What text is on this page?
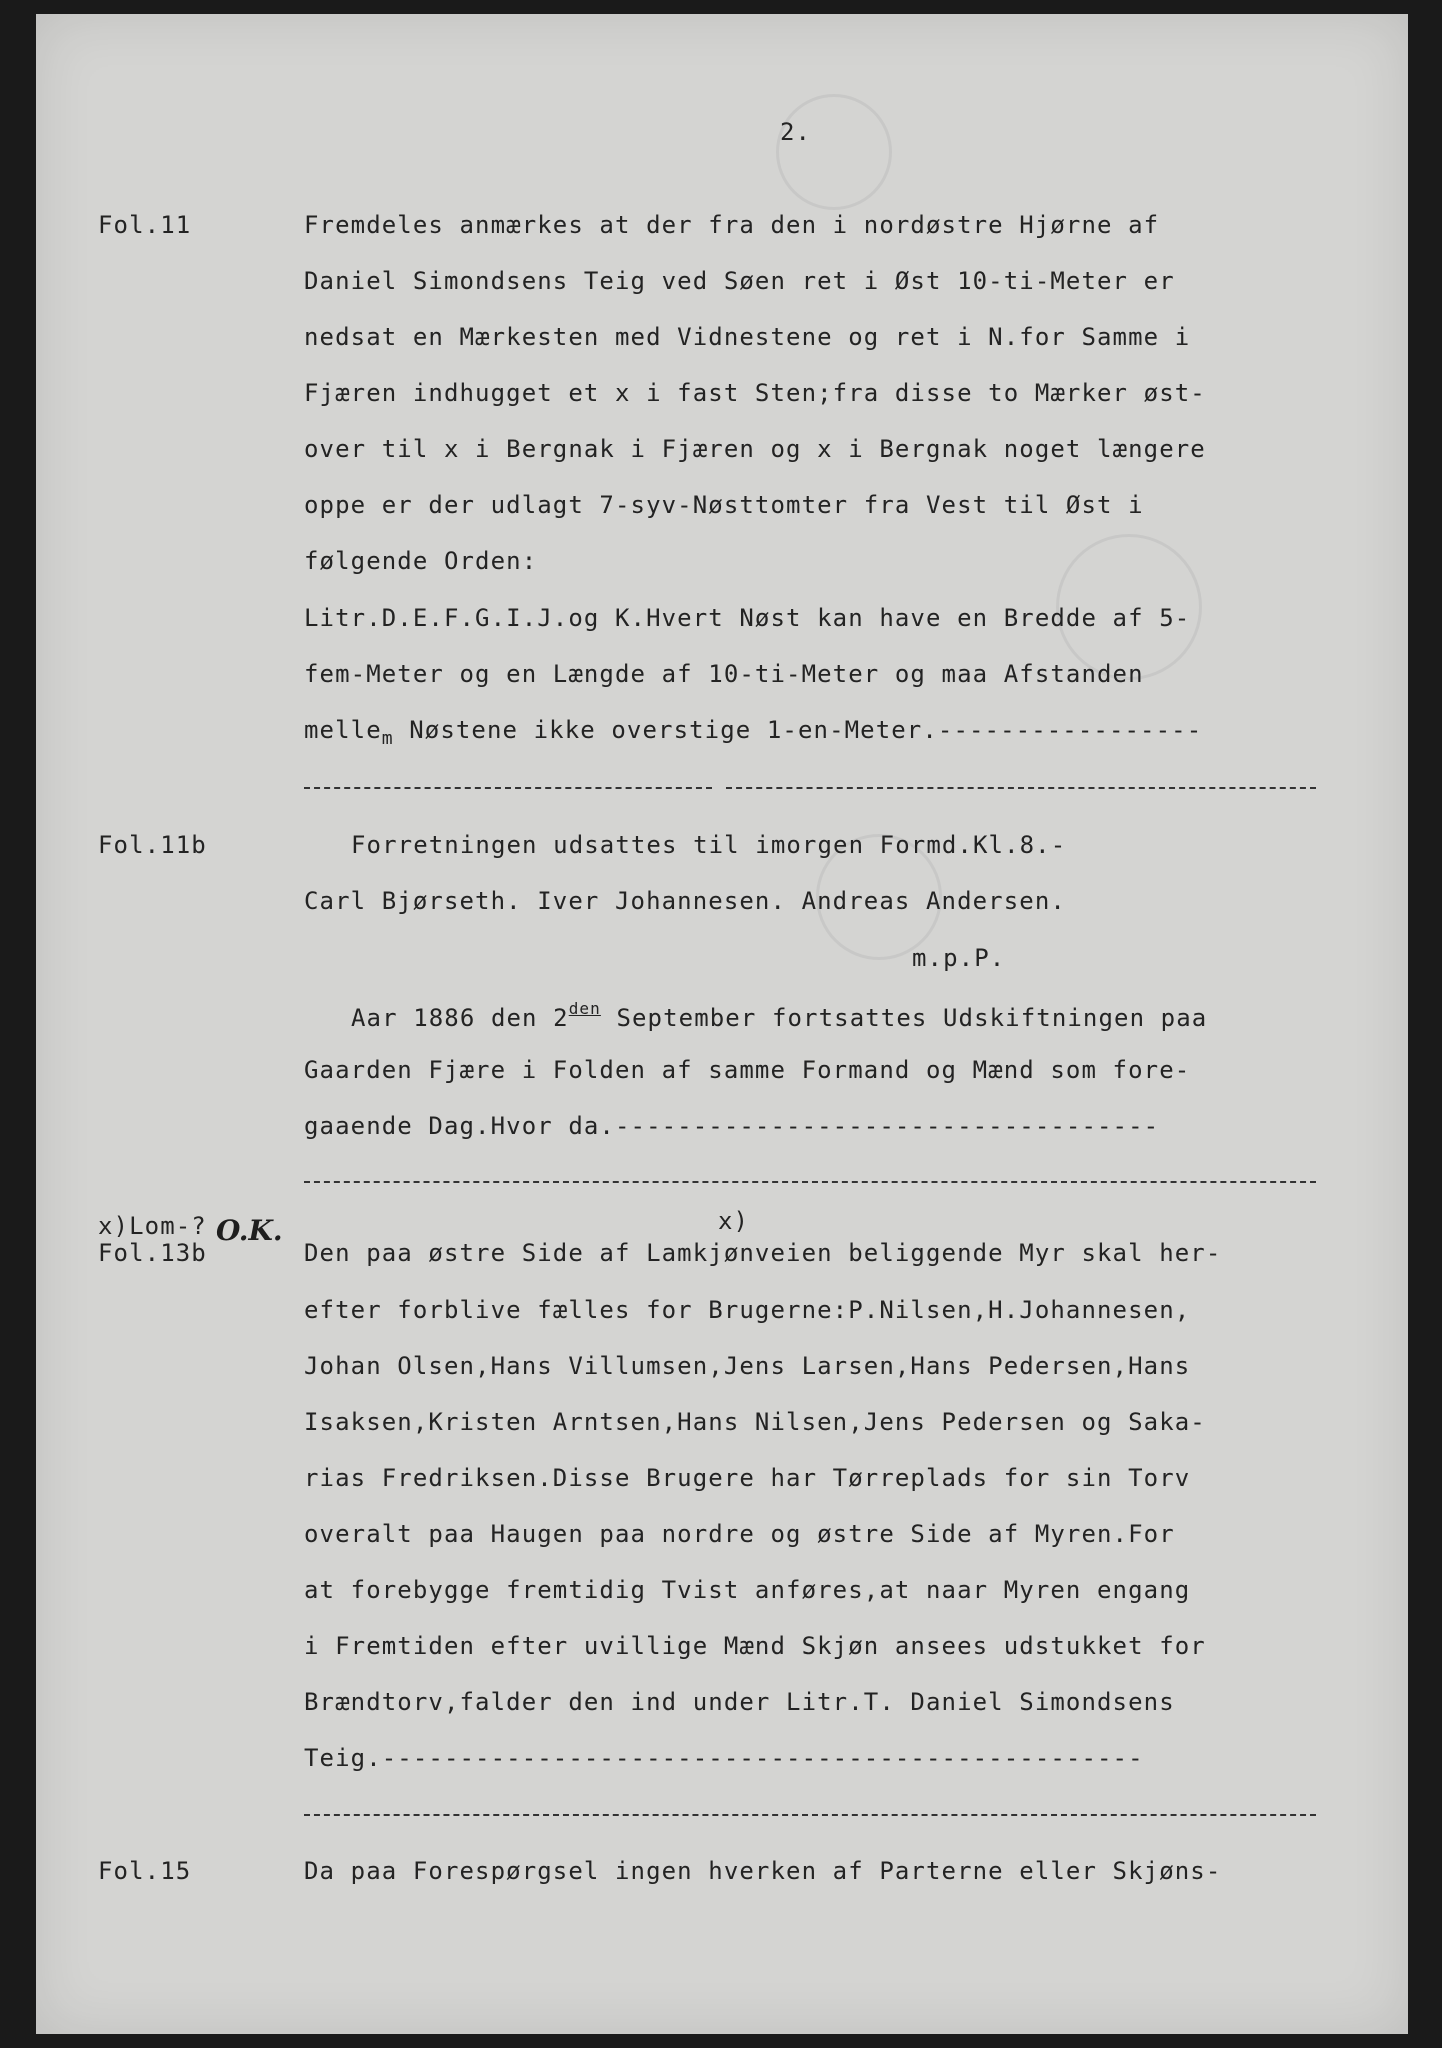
2.
Fol.11	Fremdeles anmærkes at der fra den i nordøstre Hjørne af
Daniel Simondsens Teig ved Søen ret i Øst 10-ti-Meter er
nedsat en Mærkesten med Vidnestene og ret i N.for Samme i
Fjæren indhugget et x i fast Sten;fra disse to Mærker øst-
over til x i Bergnak i Fjæren og x i Bergnak noget længere
oppe er der udlagt 7-syv-Nøsttomter fra Vest til Øst i
følgende Orden:
Litr.D.E.F.G.I.J.og K.Hvert Nøst kan have en Bredde af 5-
fem-Meter og en Længde af 10-ti-Meter og maa Afstanden
melle$_m$ Nøstene ikke overstige 1-en-Meter.-----------------
Fol.11b	Forretningen udsattes til imorgen Formd.Kl.8.-
Carl Bjørseth. Iver Johannesen. Andreas Andersen.
m.p.P.
Aar 1886 den $2^{den}$ September fortsattes Udskiftningen paa
Gaarden Fjære i Folden af samme Formand og Mænd som fore-
gaaende Dag.Hvor da.-----------------------------------
x)Lom-?
Fol.13b
O.K.	x)
Den paa østre Side af Lamkjønveien beliggende Myr skal her-
efter forblive fælles for Brugerne:P.Nilsen,H.Johannesen,
Johan Olsen,Hans Villumsen,Jens Larsen,Hans Pedersen,Hans
Isaksen,Kristen Arntsen,Hans Nilsen,Jens Pedersen og Saka-
rias Fredriksen.Disse Brugere har Tørreplads for sin Torv
overalt paa Haugen paa nordre og østre Side af Myren.For
at forebygge fremtidig Tvist anføres,at naar Myren engang
i Fremtiden efter uvillige Mænd Skjøn ansees udstukket for
Brændtorv,falder den ind under Litr.T. Daniel Simondsens
Teig.-------------------------------------------------
Fol.15	Da paa Forespørgsel ingen hverken af Parterne eller Skjøns-
